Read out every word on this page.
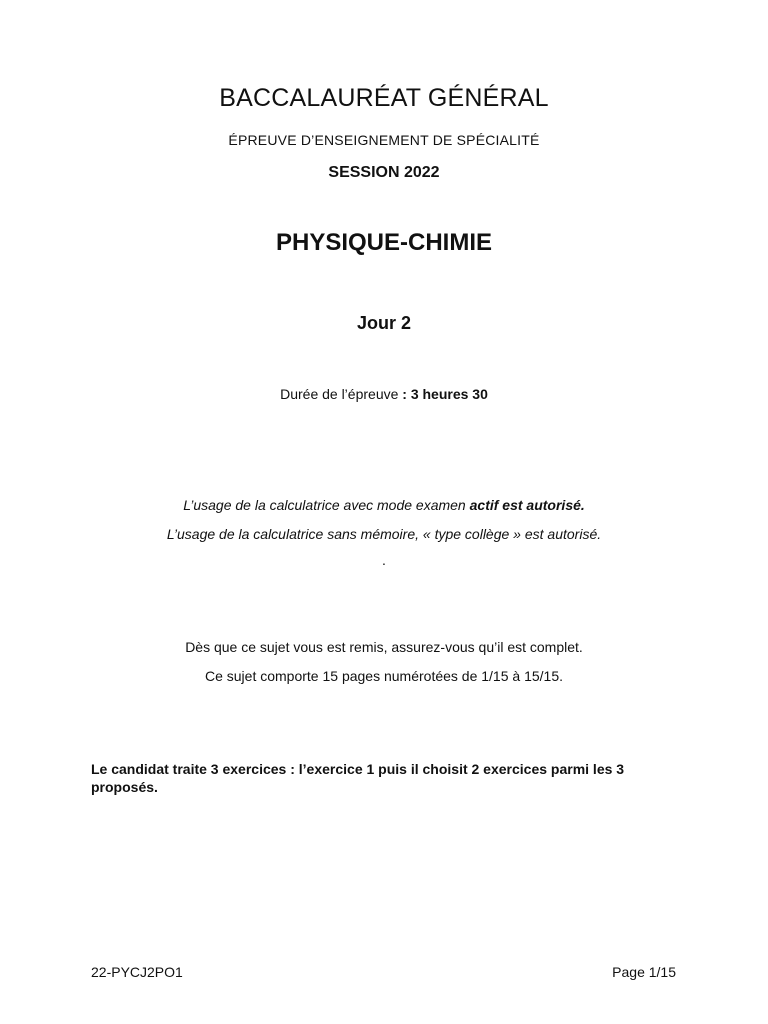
BACCALAURÉAT GÉNÉRAL
ÉPREUVE D’ENSEIGNEMENT DE SPÉCIALITÉ
SESSION 2022
PHYSIQUE-CHIMIE
Jour 2
Durée de l’épreuve : 3 heures 30
L’usage de la calculatrice avec mode examen actif est autorisé.
L’usage de la calculatrice sans mémoire, « type collège » est autorisé.
.
Dès que ce sujet vous est remis, assurez-vous qu’il est complet.
Ce sujet comporte 15 pages numérotées de 1/15 à 15/15.
Le candidat traite 3 exercices : l’exercice 1 puis il choisit 2 exercices parmi les 3 proposés.
22-PYCJ2PO1	Page 1/15
